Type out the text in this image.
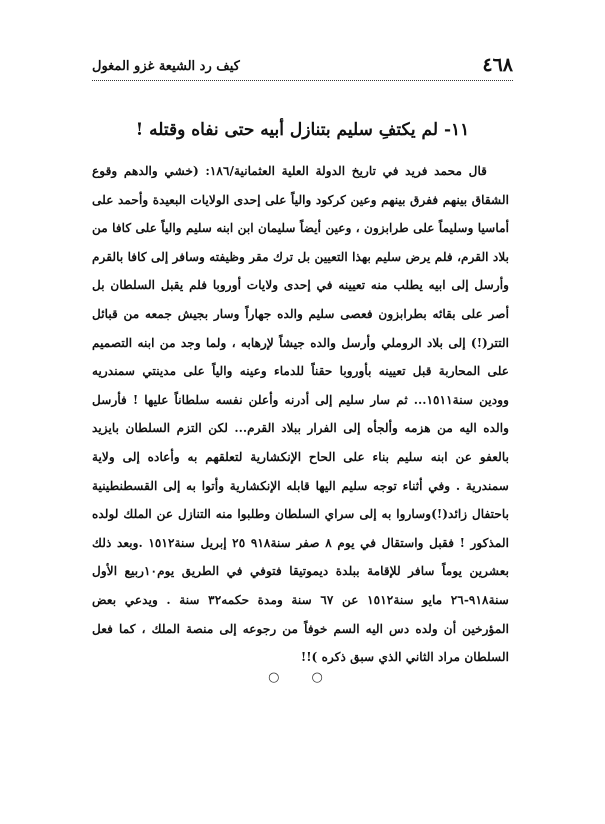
٤٦٨
كيف رد الشيعة غزو المغول
١١- لم يكتفِ سليم بتنازل أبيه حتى نفاه وقتله !

قال محمد فريد في تاريخ الدولة العلية العثمانية/١٨٦: (خشي والدهم وقوع الشقاق بينهم ففرق بينهم وعين كركود والياً على إحدى الولايات البعيدة وأحمد على أماسيا وسليماً على طرابزون ، وعين أيضاً سليمان ابن ابنه سليم والياً على كافا من بلاد القرم، فلم يرض سليم بهذا التعيين بل ترك مقر وظيفته وسافر إلى كافا بالقرم وأرسل إلى ابيه يطلب منه تعيينه في إحدى ولايات أوروبا فلم يقبل السلطان بل أصر على بقائه بطرابزون فعصى سليم والده جهاراً وسار بجيش جمعه من قبائل التتر(!) إلى بلاد الروملي وأرسل والده جيشاً لإرهابه ، ولما وجد من ابنه التصميم على المحاربة قبل تعيينه بأوروبا حقناً للدماء وعينه والياً على مدينتي سمندريه وودين سنة١٥١١... ثم سار سليم إلى أدرنه وأعلن نفسه سلطاناً عليها ! فأرسل والده اليه من هزمه وألجأه إلى الفرار ببلاد القرم... لكن التزم السلطان بايزيد بالعفو عن ابنه سليم بناء على الحاح الإنكشارية لتعلقهم به وأعاده إلى ولاية سمندرية . وفي أثناء توجه سليم اليها قابله الإنكشارية وأتوا به إلى القسطنطينية باحتفال زائد(!)وساروا به إلى سراي السلطان وطلبوا منه التنازل عن الملك لولده المذكور ! فقبل واستقال في يوم ٨ صفر سنة٩١٨ ٢٥ إبريل سنة١٥١٢ .وبعد ذلك بعشرين يوماً سافر للإقامة ببلدة ديموتيقا فتوفي في الطريق يوم١٠ربيع الأول سنة٩١٨-٢٦ مايو سنة١٥١٢ عن ٦٧ سنة ومدة حكمه٣٢ سنة . ويدعي بعض المؤرخين أن ولده دس اليه السم خوفاً من رجوعه إلى منصة الملك ، كما فعل السلطان مراد الثاني الذي سبق ذكره )!!

○ ○
